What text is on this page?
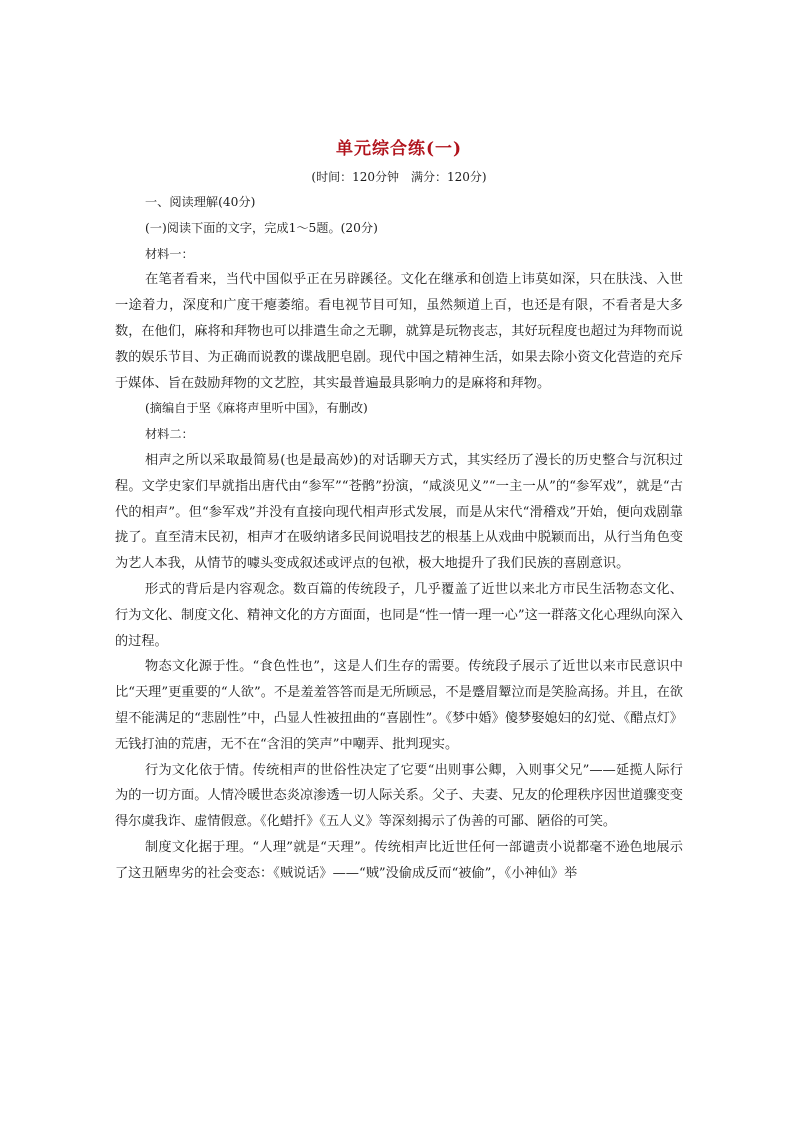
单元综合练(一)
(时间：120分钟　满分：120分)

一、阅读理解(40分)

(一)阅读下面的文字，完成1～5题。(20分)

材料一：

在笔者看来，当代中国似乎正在另辟蹊径。文化在继承和创造上讳莫如深，只在肤浅、入世一途着力，深度和广度干瘪萎缩。看电视节目可知，虽然频道上百，也还是有限，不看者是大多数，在他们，麻将和拜物也可以排遣生命之无聊，就算是玩物丧志，其好玩程度也超过为拜物而说教的娱乐节目、为正确而说教的谍战肥皂剧。现代中国之精神生活，如果去除小资文化营造的充斥于媒体、旨在鼓励拜物的文艺腔，其实最普遍最具影响力的是麻将和拜物。

(摘编自于坚《麻将声里听中国》，有删改)

材料二：

相声之所以采取最简易(也是最高妙)的对话聊天方式，其实经历了漫长的历史整合与沉积过程。文学史家们早就指出唐代由“参军”“苍鹘”扮演，“咸淡见义”“一主一从”的“参军戏”，就是“古代的相声”。但“参军戏”并没有直接向现代相声形式发展，而是从宋代“滑稽戏”开始，便向戏剧靠拢了。直至清末民初，相声才在吸纳诸多民间说唱技艺的根基上从戏曲中脱颖而出，从行当角色变为艺人本我，从情节的噱头变成叙述或评点的包袱，极大地提升了我们民族的喜剧意识。

形式的背后是内容观念。数百篇的传统段子，几乎覆盖了近世以来北方市民生活物态文化、行为文化、制度文化、精神文化的方方面面，也同是“性一情一理一心”这一群落文化心理纵向深入的过程。

物态文化源于性。“食色性也”，这是人们生存的需要。传统段子展示了近世以来市民意识中比“天理”更重要的“人欲”。不是羞羞答答而是无所顾忌，不是蹙眉颦泣而是笑脸高扬。并且，在欲望不能满足的“悲剧性”中，凸显人性被扭曲的“喜剧性”。《梦中婚》傻梦娶媳妇的幻觉、《醋点灯》无钱打油的荒唐，无不在“含泪的笑声”中嘲弄、批判现实。

行为文化依于情。传统相声的世俗性决定了它要“出则事公卿，入则事父兄”——延揽人际行为的一切方面。人情冷暖世态炎凉渗透一切人际关系。父子、夫妻、兄友的伦理秩序因世道骤变变得尔虞我诈、虚情假意。《化蜡扦》《五人义》等深刻揭示了伪善的可鄙、陋俗的可笑。

制度文化据于理。“人理”就是“天理”。传统相声比近世任何一部谴责小说都毫不逊色地展示了这丑陋卑劣的社会变态：《贼说话》——“贼”没偷成反而“被偷”，《小神仙》举
